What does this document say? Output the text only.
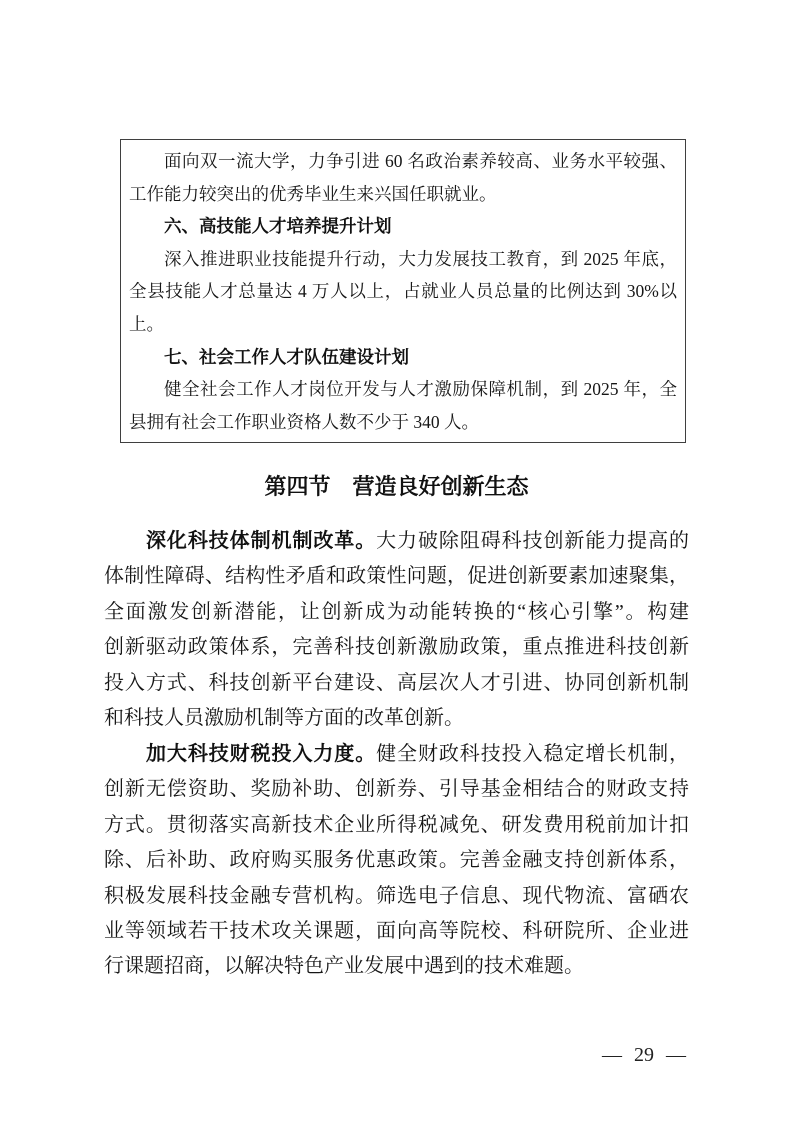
面向双一流大学，力争引进 60 名政治素养较高、业务水平较强、
工作能力较突出的优秀毕业生来兴国任职就业。
六、高技能人才培养提升计划
深入推进职业技能提升行动，大力发展技工教育，到 2025 年底，
全县技能人才总量达 4 万人以上，占就业人员总量的比例达到 30%以
上。
七、社会工作人才队伍建设计划
健全社会工作人才岗位开发与人才激励保障机制，到 2025 年，全
县拥有社会工作职业资格人数不少于 340 人。
第四节 营造良好创新生态
深化科技体制机制改革。大力破除阻碍科技创新能力提高的
体制性障碍、结构性矛盾和政策性问题，促进创新要素加速聚集，
全面激发创新潜能，让创新成为动能转换的“核心引擎”。构建
创新驱动政策体系，完善科技创新激励政策，重点推进科技创新
投入方式、科技创新平台建设、高层次人才引进、协同创新机制
和科技人员激励机制等方面的改革创新。
加大科技财税投入力度。健全财政科技投入稳定增长机制，
创新无偿资助、奖励补助、创新券、引导基金相结合的财政支持
方式。贯彻落实高新技术企业所得税减免、研发费用税前加计扣
除、后补助、政府购买服务优惠政策。完善金融支持创新体系，
积极发展科技金融专营机构。筛选电子信息、现代物流、富硒农
业等领域若干技术攻关课题，面向高等院校、科研院所、企业进
行课题招商，以解决特色产业发展中遇到的技术难题。
— 29 —
